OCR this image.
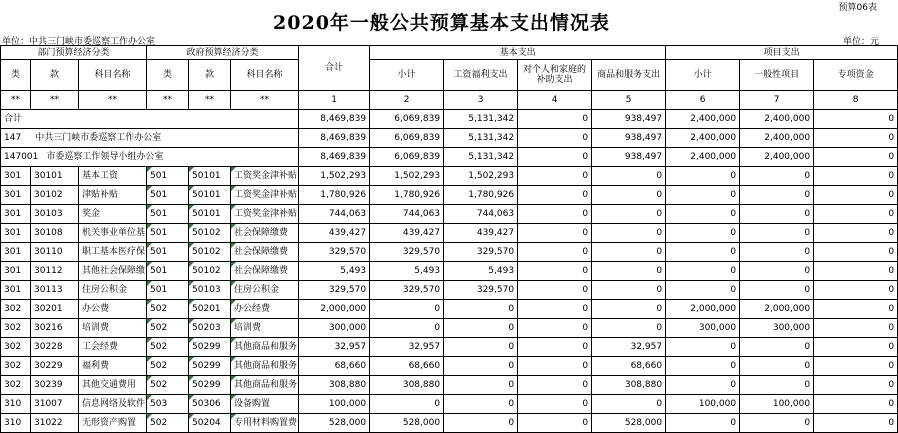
预算06表
2020年一般公共预算基本支出情况表
单位：中共三门峡市委巡察工作办公室	单位：元
部门预算经济分类			政府预算经济分类			合计	基本支出				项目支出		
类	款	科目名称	类	款	科目名称		小计	工资福利支出	对个人和家庭的补助支出	商品和服务支出	小计	一般性项目	专项资金
**	**	**	**	**	**	1	2	3	4	5	6	7	8
合计						8,469,839	6,069,839	5,131,342	0	938,497	2,400,000	2,400,000	0
147 中共三门峡市委巡察工作办公室						8,469,839	6,069,839	5,131,342	0	938,497	2,400,000	2,400,000	0
147001 市委巡察工作领导小组办公室						8,469,839	6,069,839	5,131,342	0	938,497	2,400,000	2,400,000	0
301	30101	基本工资	501	50101	工资奖金津补贴	1,502,293	1,502,293	1,502,293	0	0	0	0	0
301	30102	津贴补贴	501	50101	工资奖金津补贴	1,780,926	1,780,926	1,780,926	0	0	0	0	0
301	30103	奖金	501	50101	工资奖金津补贴	744,063	744,063	744,063	0	0	0	0	0
301	30108	机关事业单位基	501	50102	社会保障缴费	439,427	439,427	439,427	0	0	0	0	0
301	30110	职工基本医疗保	501	50102	社会保障缴费	329,570	329,570	329,570	0	0	0	0	0
301	30112	其他社会保障缴	501	50102	社会保障缴费	5,493	5,493	5,493	0	0	0	0	0
301	30113	住房公积金	501	50103	住房公积金	329,570	329,570	329,570	0	0	0	0	0
302	30201	办公费	502	50201	办公经费	2,000,000	0	0	0	0	2,000,000	2,000,000	0
302	30216	培训费	502	50203	培训费	300,000	0	0	0	0	300,000	300,000	0
302	30228	工会经费	502	50299	其他商品和服务	32,957	32,957	0	0	32,957	0	0	0
302	30229	福利费	502	50299	其他商品和服务	68,660	68,660	0	0	68,660	0	0	0
302	30239	其他交通费用	502	50299	其他商品和服务	308,880	308,880	0	0	308,880	0	0	0
310	31007	信息网络及软件	503	50306	设备购置	100,000	0	0	0	0	100,000	100,000	0
310	31022	无形资产购置	502	50204	专用材料购置费	528,000	528,000	0	0	528,000	0	0	0
